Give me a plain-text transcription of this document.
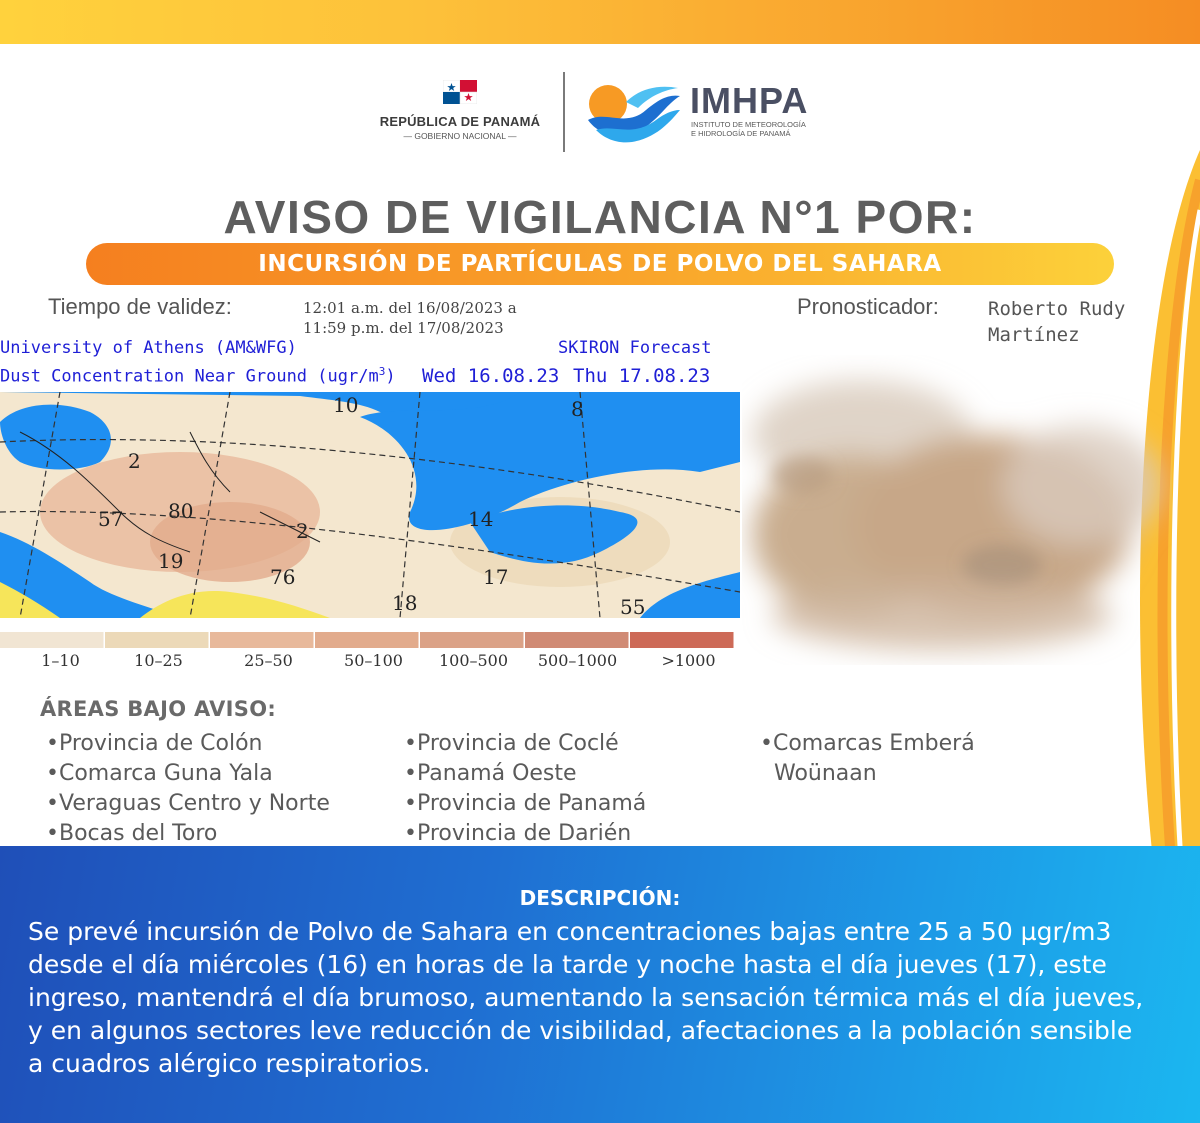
REPÚBLICA DE PANAMÁ
— GOBIERNO NACIONAL —
IMHPA
INSTITUTO DE METEOROLOGÍA
E HIDROLOGÍA DE PANAMÁ
AVISO DE VIGILANCIA N°1 POR:
INCURSIÓN DE PARTÍCULAS DE POLVO DEL SAHARA
Tiempo de validez:	12:01 a.m. del 16/08/2023 a
11:59 p.m. del 17/08/2023
Pronosticador:	Roberto Rudy
Martínez
University of Athens (AM&WFG)	SKIRON Forecast
Dust Concentration Near Ground $(ugr/m^3)$ Wed 16.08.23 Thu 17.08.23
10	8
2
80
57	2	14
19
76	17
18	55
1–10	10–25	25–50	50–100	100–500	500–1000	>1000
ÁREAS BAJO AVISO:
•Provincia de Colón
•Comarca Guna Yala
•Veraguas Centro y Norte
•Bocas del Toro
•Provincia de Coclé
•Panamá Oeste
•Provincia de Panamá
•Provincia de Darién
•Comarcas Emberá
Woünaan
DESCRIPCIÓN:
Se prevé incursión de Polvo de Sahara en concentraciones bajas entre 25 a 50 µgr/m3 desde el día miércoles (16) en horas de la tarde y noche hasta el día jueves (17), este ingreso, mantendrá el día brumoso, aumentando la sensación térmica más el día jueves, y en algunos sectores leve reducción de visibilidad, afectaciones a la población sensible a cuadros alérgico respiratorios.
